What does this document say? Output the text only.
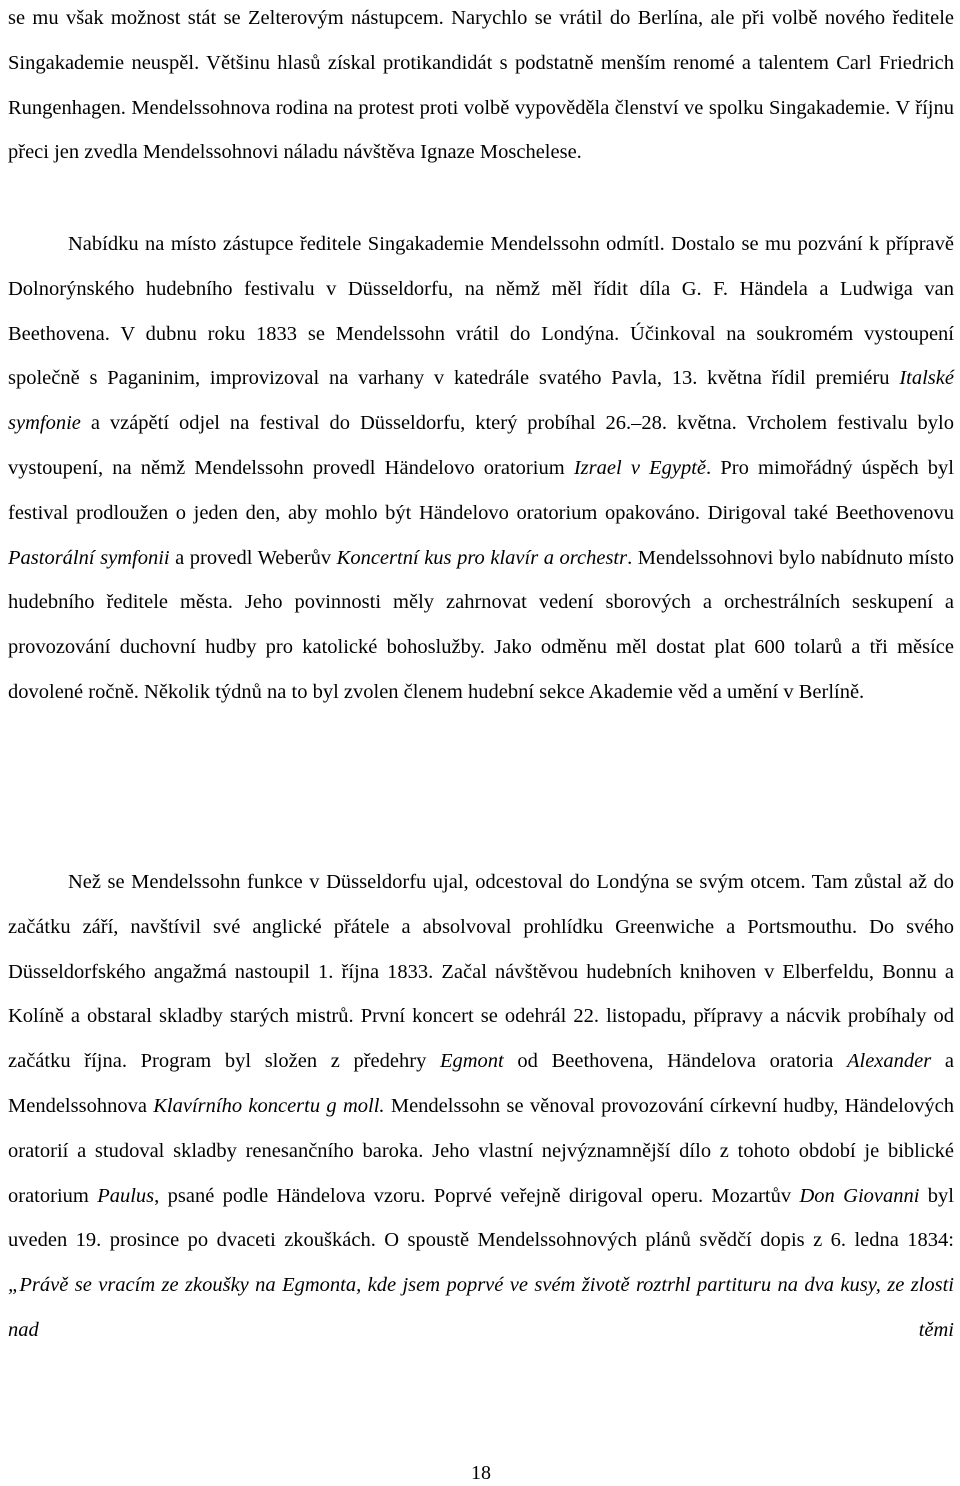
se mu však možnost stát se Zelterovým nástupcem. Narychlo se vrátil do Berlína, ale při volbě nového ředitele Singakademie neuspěl. Většinu hlasů získal protikandidát s podstatně menším renomé a talentem Carl Friedrich Rungenhagen. Mendelssohnova rodina na protest proti volbě vypověděla členství ve spolku Singakademie. V říjnu přeci jen zvedla Mendelssohnovi náladu návštěva Ignaze Moschelese.

Nabídku na místo zástupce ředitele Singakademie Mendelssohn odmítl. Dostalo se mu pozvání k přípravě Dolnorýnského hudebního festivalu v Düsseldorfu, na němž měl řídit díla G. F. Händela a Ludwiga van Beethovena. V dubnu roku 1833 se Mendelssohn vrátil do Londýna. Účinkoval na soukromém vystoupení společně s Paganinim, improvizoval na varhany v katedrále svatého Pavla, 13. května řídil premiéru Italské symfonie a vzápětí odjel na festival do Düsseldorfu, který probíhal 26.–28. května. Vrcholem festivalu bylo vystoupení, na němž Mendelssohn provedl Händelovo oratorium Izrael v Egyptě. Pro mimořádný úspěch byl festival prodloužen o jeden den, aby mohlo být Händelovo oratorium opakováno. Dirigoval také Beethovenovu Pastorální symfonii a provedl Weberův Koncertní kus pro klavír a orchestr. Mendelssohnovi bylo nabídnuto místo hudebního ředitele města. Jeho povinnosti měly zahrnovat vedení sborových a orchestrálních seskupení a provozování duchovní hudby pro katolické bohoslužby. Jako odměnu měl dostat plat 600 tolarů a tři měsíce dovolené ročně. Několik týdnů na to byl zvolen členem hudební sekce Akademie věd a umění v Berlíně.

Než se Mendelssohn funkce v Düsseldorfu ujal, odcestoval do Londýna se svým otcem. Tam zůstal až do začátku září, navštívil své anglické přátele a absolvoval prohlídku Greenwiche a Portsmouthu. Do svého Düsseldorfského angažmá nastoupil 1. října 1833. Začal návštěvou hudebních knihoven v Elberfeldu, Bonnu a Kolíně a obstaral skladby starých mistrů. První koncert se odehrál 22. listopadu, přípravy a nácvik probíhaly od začátku října. Program byl složen z předehry Egmont od Beethovena, Händelova oratoria Alexander a Mendelssohnova Klavírního koncertu g moll. Mendelssohn se věnoval provozování církevní hudby, Händelových oratorií a studoval skladby renesančního baroka. Jeho vlastní nejvýznamnější dílo z tohoto období je biblické oratorium Paulus, psané podle Händelova vzoru. Poprvé veřejně dirigoval operu. Mozartův Don Giovanni byl uveden 19. prosince po dvaceti zkouškách. O spoustě Mendelssohnových plánů svědčí dopis z 6. ledna 1834: „Právě se vracím ze zkoušky na Egmonta, kde jsem poprvé ve svém životě roztrhl partituru na dva kusy, ze zlosti nad těmi

18
